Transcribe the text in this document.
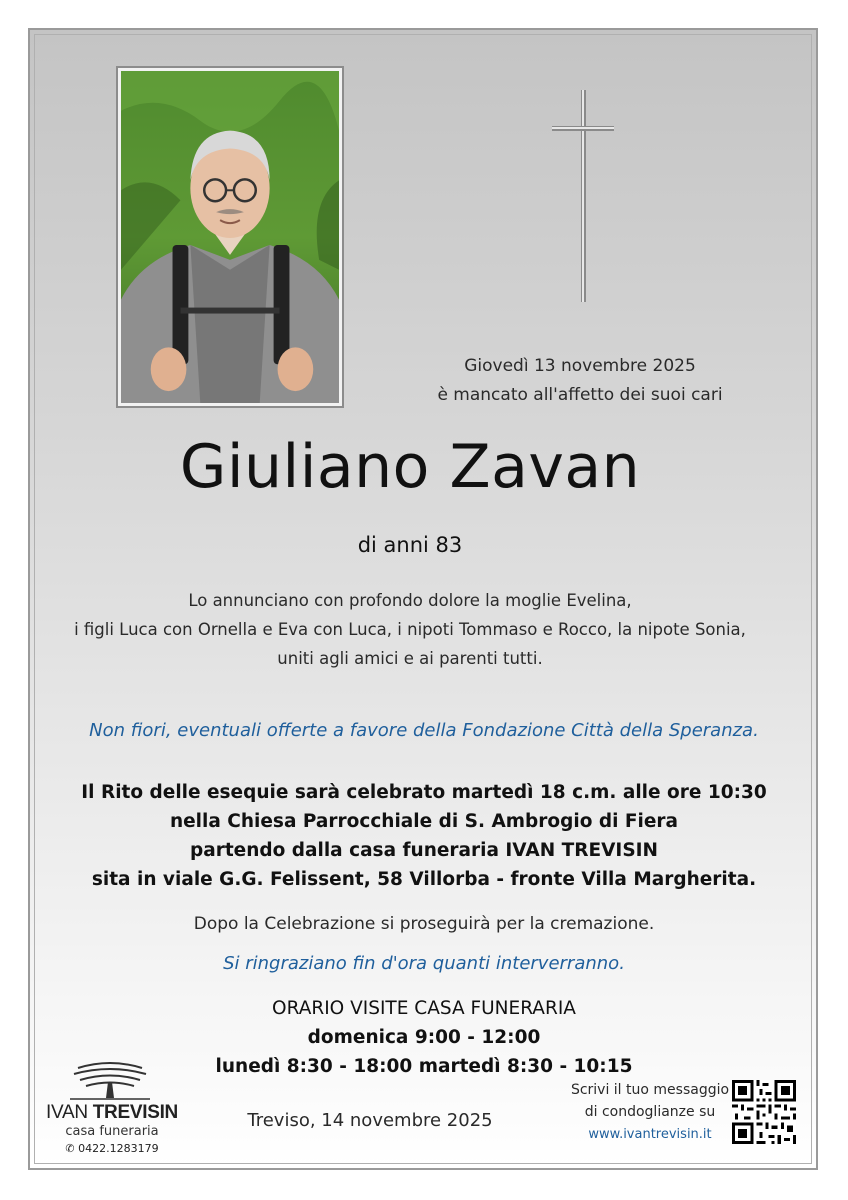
Giovedì 13 novembre 2025
è mancato all'affetto dei suoi cari
Giuliano Zavan
di anni 83
Lo annunciano con profondo dolore la moglie Evelina,
i figli Luca con Ornella e Eva con Luca, i nipoti Tommaso e Rocco, la nipote Sonia,
uniti agli amici e ai parenti tutti.
Non fiori, eventuali offerte a favore della Fondazione Città della Speranza.
Il Rito delle esequie sarà celebrato martedì 18 c.m. alle ore 10:30
nella Chiesa Parrocchiale di S. Ambrogio di Fiera
partendo dalla casa funeraria IVAN TREVISIN
sita in viale G.G. Felissent, 58 Villorba - fronte Villa Margherita.
Dopo la Celebrazione si proseguirà per la cremazione.
Si ringraziano fin d'ora quanti interverranno.
ORARIO VISITE CASA FUNERARIA
domenica 9:00 - 12:00
lunedì 8:30 - 18:00 martedì 8:30 - 10:15
IVAN TREVISIN
casa funeraria
✆ 0422.1283179
Treviso, 14 novembre 2025
Scrivi il tuo messaggio
di condoglianze su
www.ivantrevisin.it
